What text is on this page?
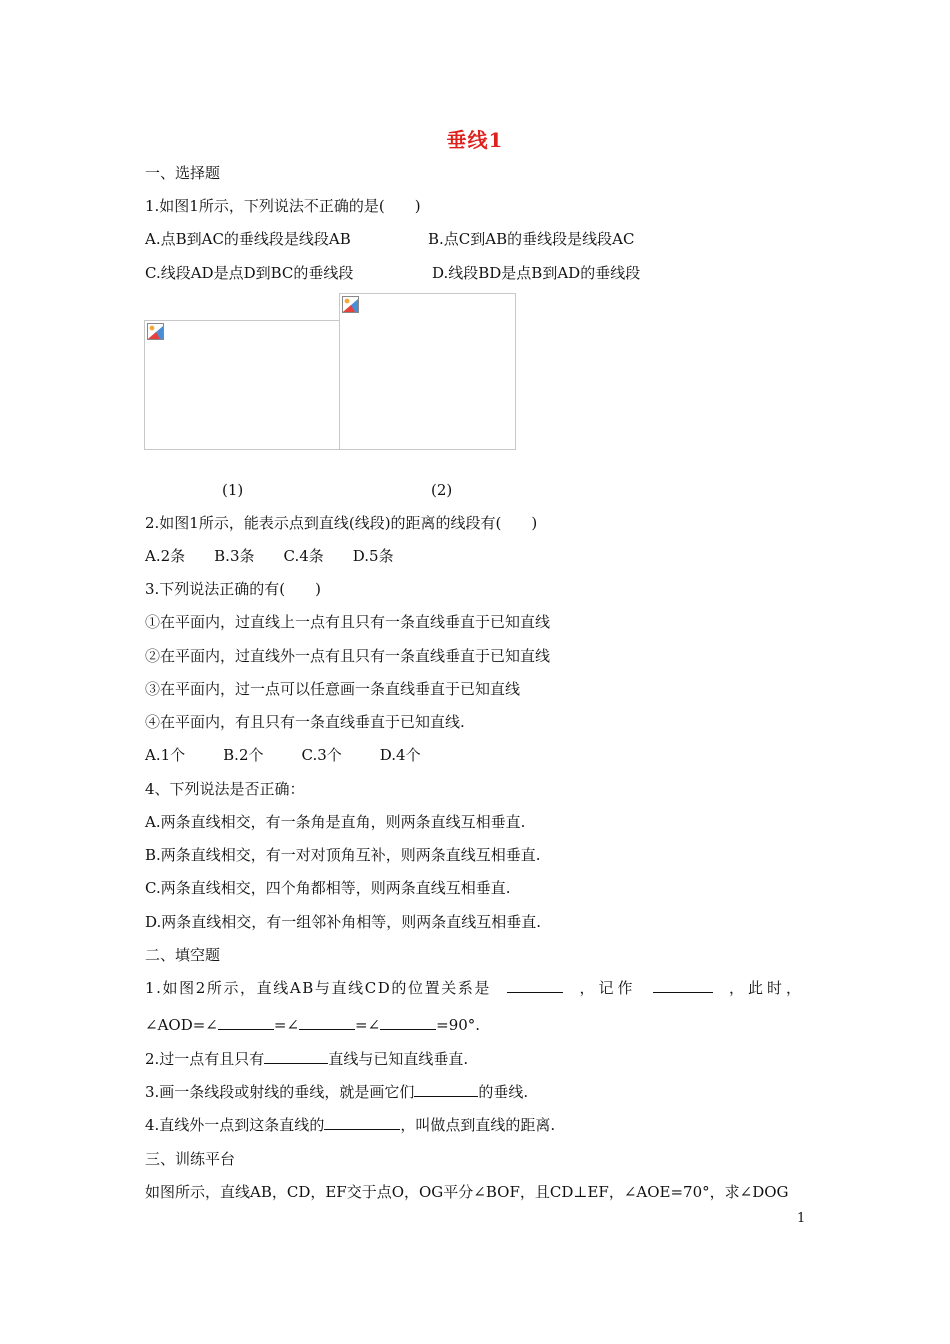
垂线1
一、选择题
1.如图1所示，下列说法不正确的是(　　)
A.点B到AC的垂线段是线段AB	B.点C到AB的垂线段是线段AC
C.线段AD是点D到BC的垂线段	D.线段BD是点B到AD的垂线段
(1)	(2)
2.如图1所示，能表示点到直线(线段)的距离的线段有(　　)
A.2条 B.3条 C.4条 D.5条
3.下列说法正确的有(　　)
①在平面内，过直线上一点有且只有一条直线垂直于已知直线
②在平面内，过直线外一点有且只有一条直线垂直于已知直线
③在平面内，过一点可以任意画一条直线垂直于已知直线
④在平面内，有且只有一条直线垂直于已知直线.
A.1个	B.2个	C.3个	D.4个
4、下列说法是否正确：
A.两条直线相交，有一条角是直角，则两条直线互相垂直.
B.两条直线相交，有一对对顶角互补，则两条直线互相垂直.
C.两条直线相交，四个角都相等，则两条直线互相垂直.
D.两条直线相交，有一组邻补角相等，则两条直线互相垂直.
二、填空题
1.如图2所示，直线AB与直线CD的位置关系是	，记作	，此时，
∠AOD=∠	=∠	=∠	=90°.
2.过一点有且只有	直线与已知直线垂直.
3.画一条线段或射线的垂线，就是画它们	的垂线.
4.直线外一点到这条直线的	，叫做点到直线的距离.
三、训练平台
如图所示，直线AB，CD，EF交于点O，OG平分∠BOF，且CD⊥EF，∠AOE=70°，求∠DOG
1
